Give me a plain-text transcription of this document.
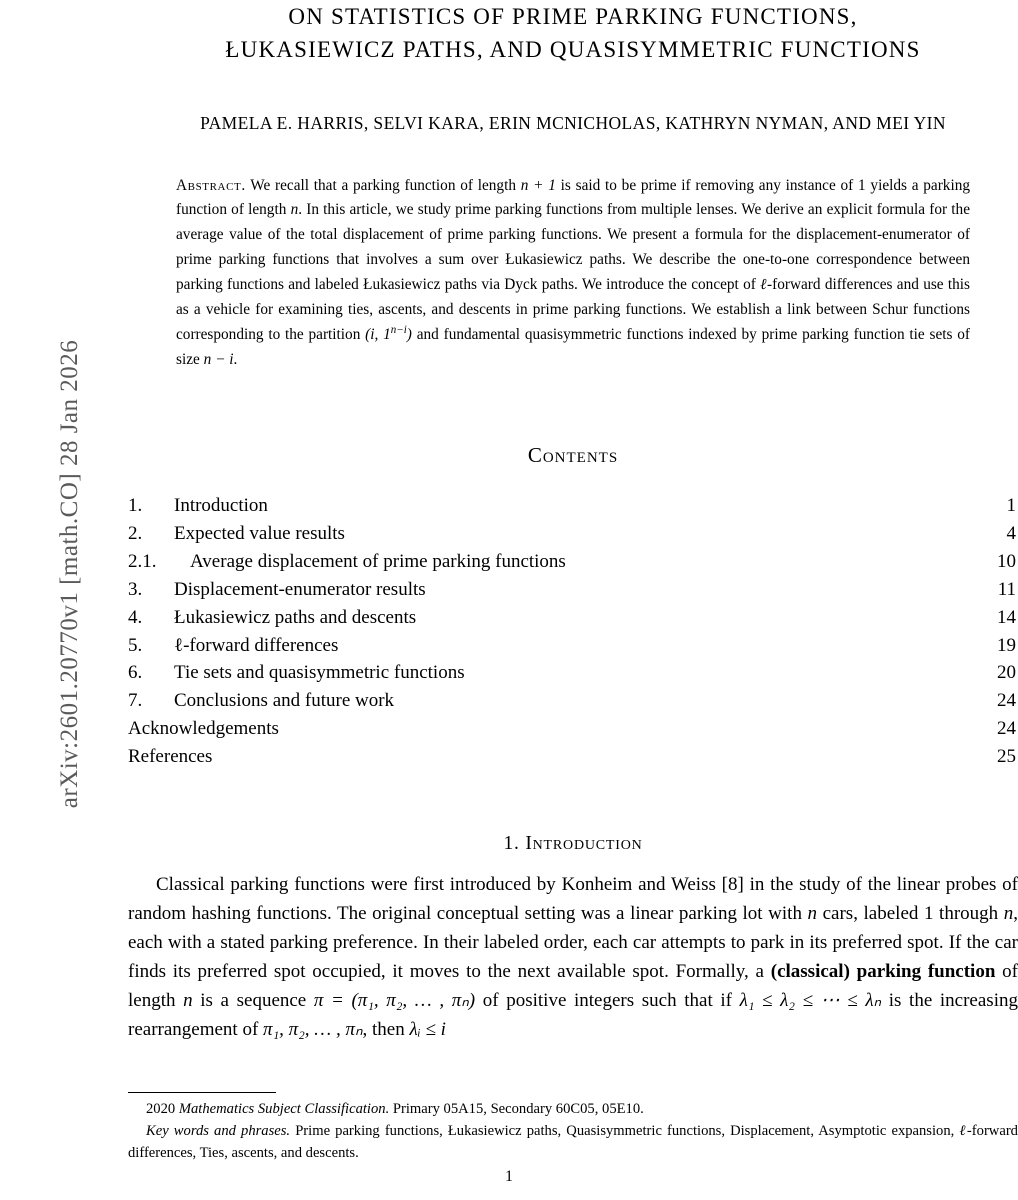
arXiv:2601.20770v1 [math.CO] 28 Jan 2026
ON STATISTICS OF PRIME PARKING FUNCTIONS,
ŁUKASIEWICZ PATHS, AND QUASISYMMETRIC FUNCTIONS
PAMELA E. HARRIS, SELVI KARA, ERIN MCNICHOLAS, KATHRYN NYMAN, AND MEI YIN
Abstract. We recall that a parking function of length n + 1 is said to be prime if removing any instance of 1 yields a parking function of length n. In this article, we study prime parking functions from multiple lenses. We derive an explicit formula for the average value of the total displacement of prime parking functions. We present a formula for the displacement-enumerator of prime parking functions that involves a sum over Łukasiewicz paths. We describe the one-to-one correspondence between parking functions and labeled Łukasiewicz paths via Dyck paths. We introduce the concept of ℓ-forward differences and use this as a vehicle for examining ties, ascents, and descents in prime parking functions. We establish a link between Schur functions corresponding to the partition (i, $1^{n-i}$) and fundamental quasisymmetric functions indexed by prime parking function tie sets of size n − i.
Contents
1.	Introduction	1
2.	Expected value results	4
2.1.	Average displacement of prime parking functions	10
3.	Displacement-enumerator results	11
4.	Łukasiewicz paths and descents	14
5.	ℓ-forward differences	19
6.	Tie sets and quasisymmetric functions	20
7.	Conclusions and future work	24
Acknowledgements	24
References	25
1. Introduction
Classical parking functions were first introduced by Konheim and Weiss [8] in the study of the linear probes of random hashing functions. The original conceptual setting was a linear parking lot with n cars, labeled 1 through n, each with a stated parking preference. In their labeled order, each car attempts to park in its preferred spot. If the car finds its preferred spot occupied, it moves to the next available spot. Formally, a (classical) parking function of length n is a sequence π = (π₁, π₂, … , πₙ) of positive integers such that if λ₁ ≤ λ₂ ≤ ⋯ ≤ λₙ is the increasing rearrangement of π₁, π₂, … , πₙ, then λᵢ ≤ i

2020 Mathematics Subject Classification. Primary 05A15, Secondary 60C05, 05E10.

Key words and phrases. Prime parking functions, Łukasiewicz paths, Quasisymmetric functions, Displacement, Asymptotic expansion, ℓ-forward differences, Ties, ascents, and descents.

1
